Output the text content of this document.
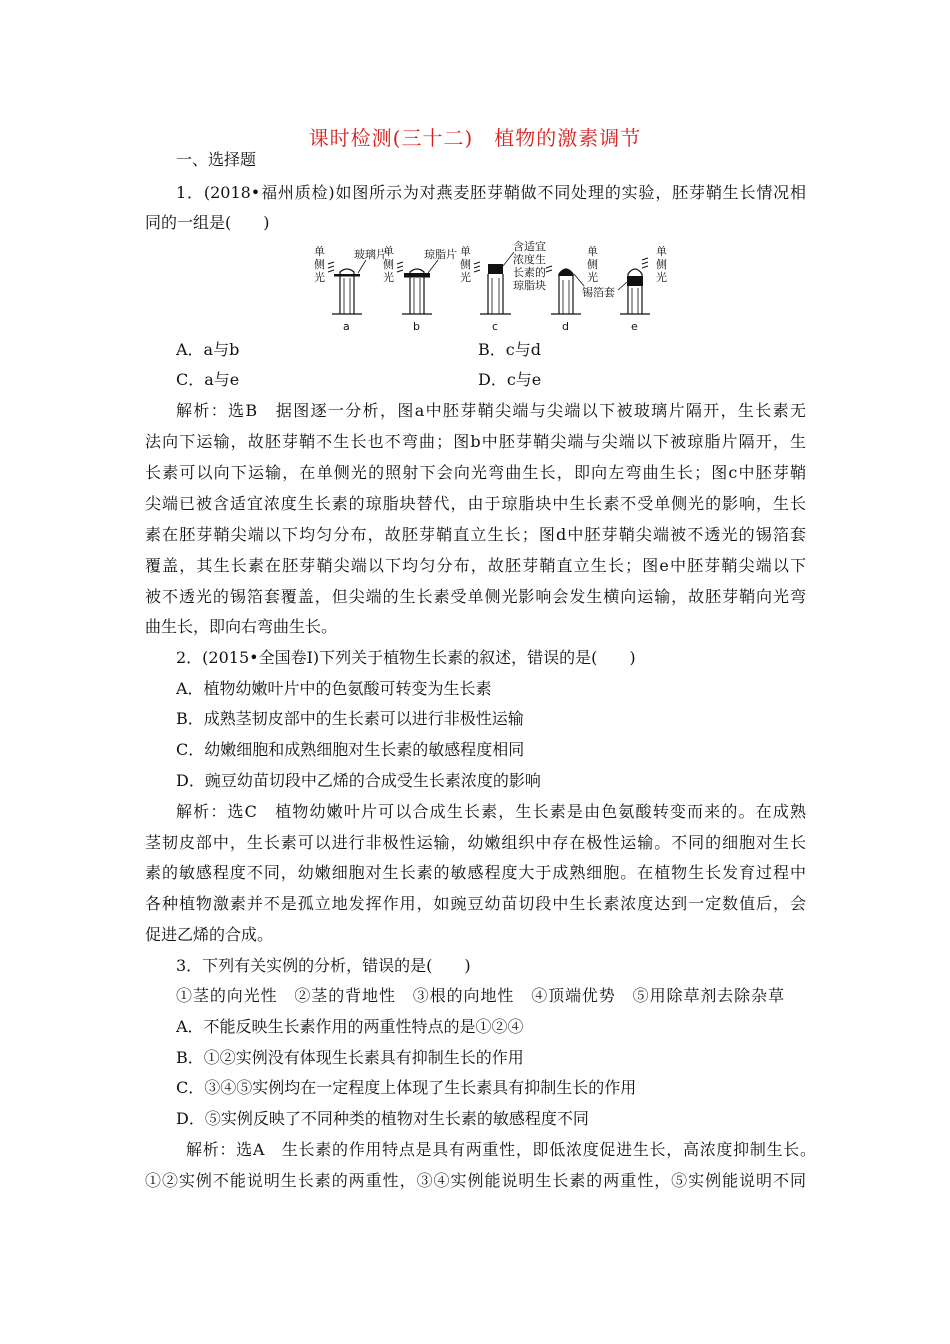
课时检测(三十二)　植物的激素调节
一、选择题
1．(2018•福州质检)如图所示为对燕麦胚芽鞘做不同处理的实验，胚芽鞘生长情况相
同的一组是(　　)
单
侧
光
单
侧
光
单
侧
光
单
侧
光
单
侧
光
玻璃片	琼脂片
含适宜
浓度生
长素的
琼脂块
锡箔套
a	b	c	d	e
A．a与b	B．c与d
C．a与e	D．c与e
解析：选B　据图逐一分析，图a中胚芽鞘尖端与尖端以下被玻璃片隔开，生长素无
法向下运输，故胚芽鞘不生长也不弯曲；图b中胚芽鞘尖端与尖端以下被琼脂片隔开，生
长素可以向下运输，在单侧光的照射下会向光弯曲生长，即向左弯曲生长；图c中胚芽鞘
尖端已被含适宜浓度生长素的琼脂块替代，由于琼脂块中生长素不受单侧光的影响，生长
素在胚芽鞘尖端以下均匀分布，故胚芽鞘直立生长；图d中胚芽鞘尖端被不透光的锡箔套
覆盖，其生长素在胚芽鞘尖端以下均匀分布，故胚芽鞘直立生长；图e中胚芽鞘尖端以下
被不透光的锡箔套覆盖，但尖端的生长素受单侧光影响会发生横向运输，故胚芽鞘向光弯
曲生长，即向右弯曲生长。
2．(2015•全国卷Ⅰ)下列关于植物生长素的叙述，错误的是(　　)
A．植物幼嫩叶片中的色氨酸可转变为生长素
B．成熟茎韧皮部中的生长素可以进行非极性运输
C．幼嫩细胞和成熟细胞对生长素的敏感程度相同
D．豌豆幼苗切段中乙烯的合成受生长素浓度的影响
解析：选C　植物幼嫩叶片可以合成生长素，生长素是由色氨酸转变而来的。在成熟
茎韧皮部中，生长素可以进行非极性运输，幼嫩组织中存在极性运输。不同的细胞对生长
素的敏感程度不同，幼嫩细胞对生长素的敏感程度大于成熟细胞。在植物生长发育过程中
各种植物激素并不是孤立地发挥作用，如豌豆幼苗切段中生长素浓度达到一定数值后，会
促进乙烯的合成。
3．下列有关实例的分析，错误的是(　　)
①茎的向光性　②茎的背地性　③根的向地性　④顶端优势　⑤用除草剂去除杂草
A．不能反映生长素作用的两重性特点的是①②④
B．①②实例没有体现生长素具有抑制生长的作用
C．③④⑤实例均在一定程度上体现了生长素具有抑制生长的作用
D．⑤实例反映了不同种类的植物对生长素的敏感程度不同
解析：选A　生长素的作用特点是具有两重性，即低浓度促进生长，高浓度抑制生长。
①②实例不能说明生长素的两重性，③④实例能说明生长素的两重性，⑤实例能说明不同
